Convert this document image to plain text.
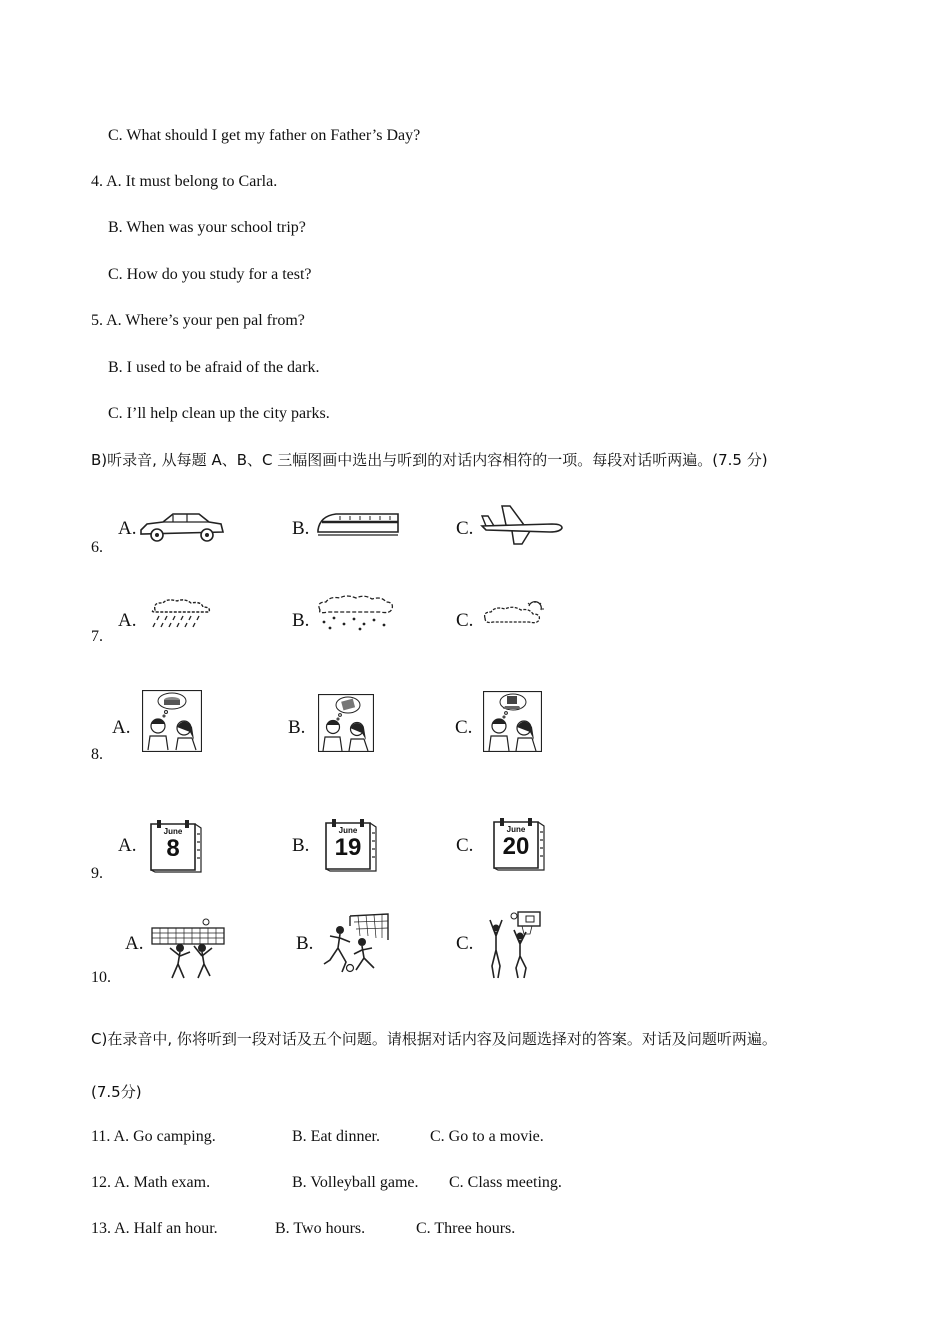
C. What should I get my father on Father’s Day?
4. A. It must belong to Carla.
B. When was your school trip?
C. How do you study for a test?
5. A. Where’s your pen pal from?
B. I used to be afraid of the dark.
C. I’ll help clean up the city parks.
B)听录音, 从每题 A、B、C 三幅图画中选出与听到的对话内容相符的一项。每段对话听两遍。(7.5 分)
6.
A.	B.	C.
7.
A.	B.	C.
8.
A.	B.	C.
9.
A.	B.	C.
June
8
June
19
June
20
10.
A.	B.	C.
C)在录音中, 你将听到一段对话及五个问题。请根据对话内容及问题选择对的答案。对话及问题听两遍。
(7.5分)
11. A. Go camping.	B. Eat dinner.	C. Go to a movie.
12. A. Math exam.	B. Volleyball game. C. Class meeting.
13. A. Half an hour.	B. Two hours.	C. Three hours.
